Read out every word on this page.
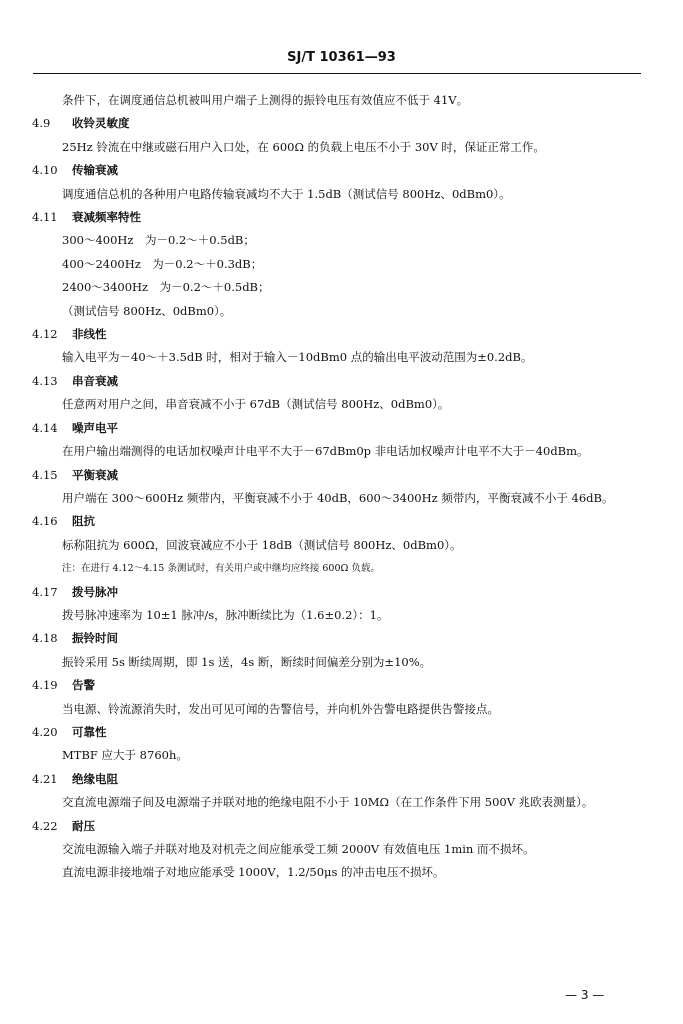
SJ/T 10361—93
条件下，在调度通信总机被叫用户端子上测得的振铃电压有效值应不低于 41V。
4.9 收铃灵敏度
25Hz 铃流在中继或磁石用户入口处，在 600Ω 的负载上电压不小于 30V 时，保证正常工作。
4.10 传输衰减
调度通信总机的各种用户电路传输衰减均不大于 1.5dB（测试信号 800Hz、0dBm0）。
4.11 衰减频率特性
300～400Hz　为－0.2～＋0.5dB；
400～2400Hz　为－0.2～＋0.3dB；
2400～3400Hz　为－0.2～＋0.5dB；
（测试信号 800Hz、0dBm0）。
4.12 非线性
输入电平为－40～＋3.5dB 时，相对于输入－10dBm0 点的输出电平波动范围为±0.2dB。
4.13 串音衰减
任意两对用户之间，串音衰减不小于 67dB（测试信号 800Hz、0dBm0）。
4.14 噪声电平
在用户输出端测得的电话加权噪声计电平不大于－67dBm0p 非电话加权噪声计电平不大于－40dBm。
4.15 平衡衰减
用户端在 300～600Hz 频带内，平衡衰减不小于 40dB，600～3400Hz 频带内，平衡衰减不小于 46dB。
4.16 阻抗
标称阻抗为 600Ω，回波衰减应不小于 18dB（测试信号 800Hz、0dBm0）。
注：在进行 4.12～4.15 条测试时，有关用户或中继均应终接 600Ω 负载。
4.17 拨号脉冲
拨号脉冲速率为 10±1 脉冲/s，脉冲断续比为（1.6±0.2）：1。
4.18 振铃时间
振铃采用 5s 断续周期，即 1s 送，4s 断，断续时间偏差分别为±10%。
4.19 告警
当电源、铃流源消失时，发出可见可闻的告警信号，并向机外告警电路提供告警接点。
4.20 可靠性
MTBF 应大于 8760h。
4.21 绝缘电阻
交直流电源端子间及电源端子并联对地的绝缘电阻不小于 10MΩ（在工作条件下用 500V 兆欧表测量）。
4.22 耐压
交流电源输入端子并联对地及对机壳之间应能承受工频 2000V 有效值电压 1min 而不损坏。
直流电源非接地端子对地应能承受 1000V，1.2/50μs 的冲击电压不损坏。
— 3 —
